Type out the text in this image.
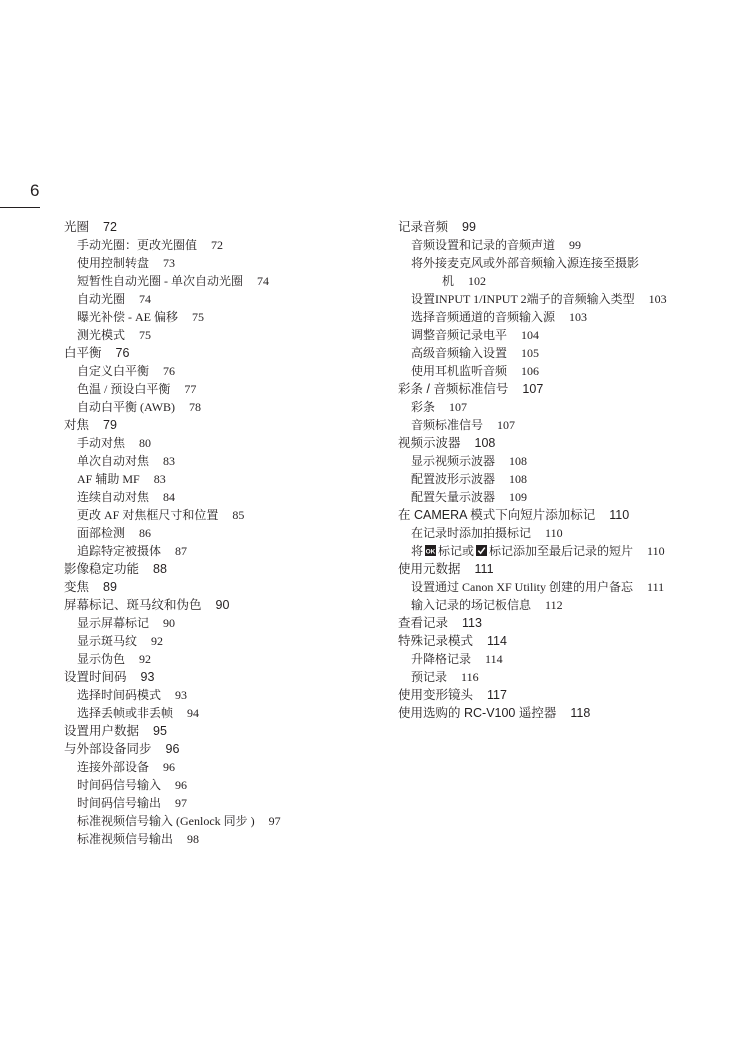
6
光圈 72
手动光圈：更改光圈值 72
使用控制转盘 73
短暂性自动光圈 - 单次自动光圈 74
自动光圈 74
曝光补偿 - AE 偏移 75
测光模式 75
白平衡 76
自定义白平衡 76
色温 / 预设白平衡 77
自动白平衡 (AWB) 78
对焦 79
手动对焦 80
单次自动对焦 83
AF 辅助 MF 83
连续自动对焦 84
更改 AF 对焦框尺寸和位置 85
面部检测 86
追踪特定被摄体 87
影像稳定功能 88
变焦 89
屏幕标记、斑马纹和伪色 90
显示屏幕标记 90
显示斑马纹 92
显示伪色 92
设置时间码 93
选择时间码模式 93
选择丢帧或非丢帧 94
设置用户数据 95
与外部设备同步 96
连接外部设备 96
时间码信号输入 96
时间码信号输出 97
标准视频信号输入 (Genlock 同步 ) 97
标准视频信号输出 98
记录音频 99
音频设置和记录的音频声道 99
将外接麦克风或外部音频输入源连接至摄影
机 102
设置INPUT 1/INPUT 2端子的音频输入类型 103
选择音频通道的音频输入源 103
调整音频记录电平 104
高级音频输入设置 105
使用耳机监听音频 106
彩条 / 音频标准信号 107
彩条 107
音频标准信号 107
视频示波器 108
显示视频示波器 108
配置波形示波器 108
配置矢量示波器 109
在 CAMERA 模式下向短片添加标记 110
在记录时添加拍摄标记 110
将 OK 标记或 标记添加至最后记录的短片 110
使用元数据 111
设置通过 Canon XF Utility 创建的用户备忘 111
输入记录的场记板信息 112
查看记录 113
特殊记录模式 114
升降格记录 114
预记录 116
使用变形镜头 117
使用选购的 RC-V100 遥控器 118
